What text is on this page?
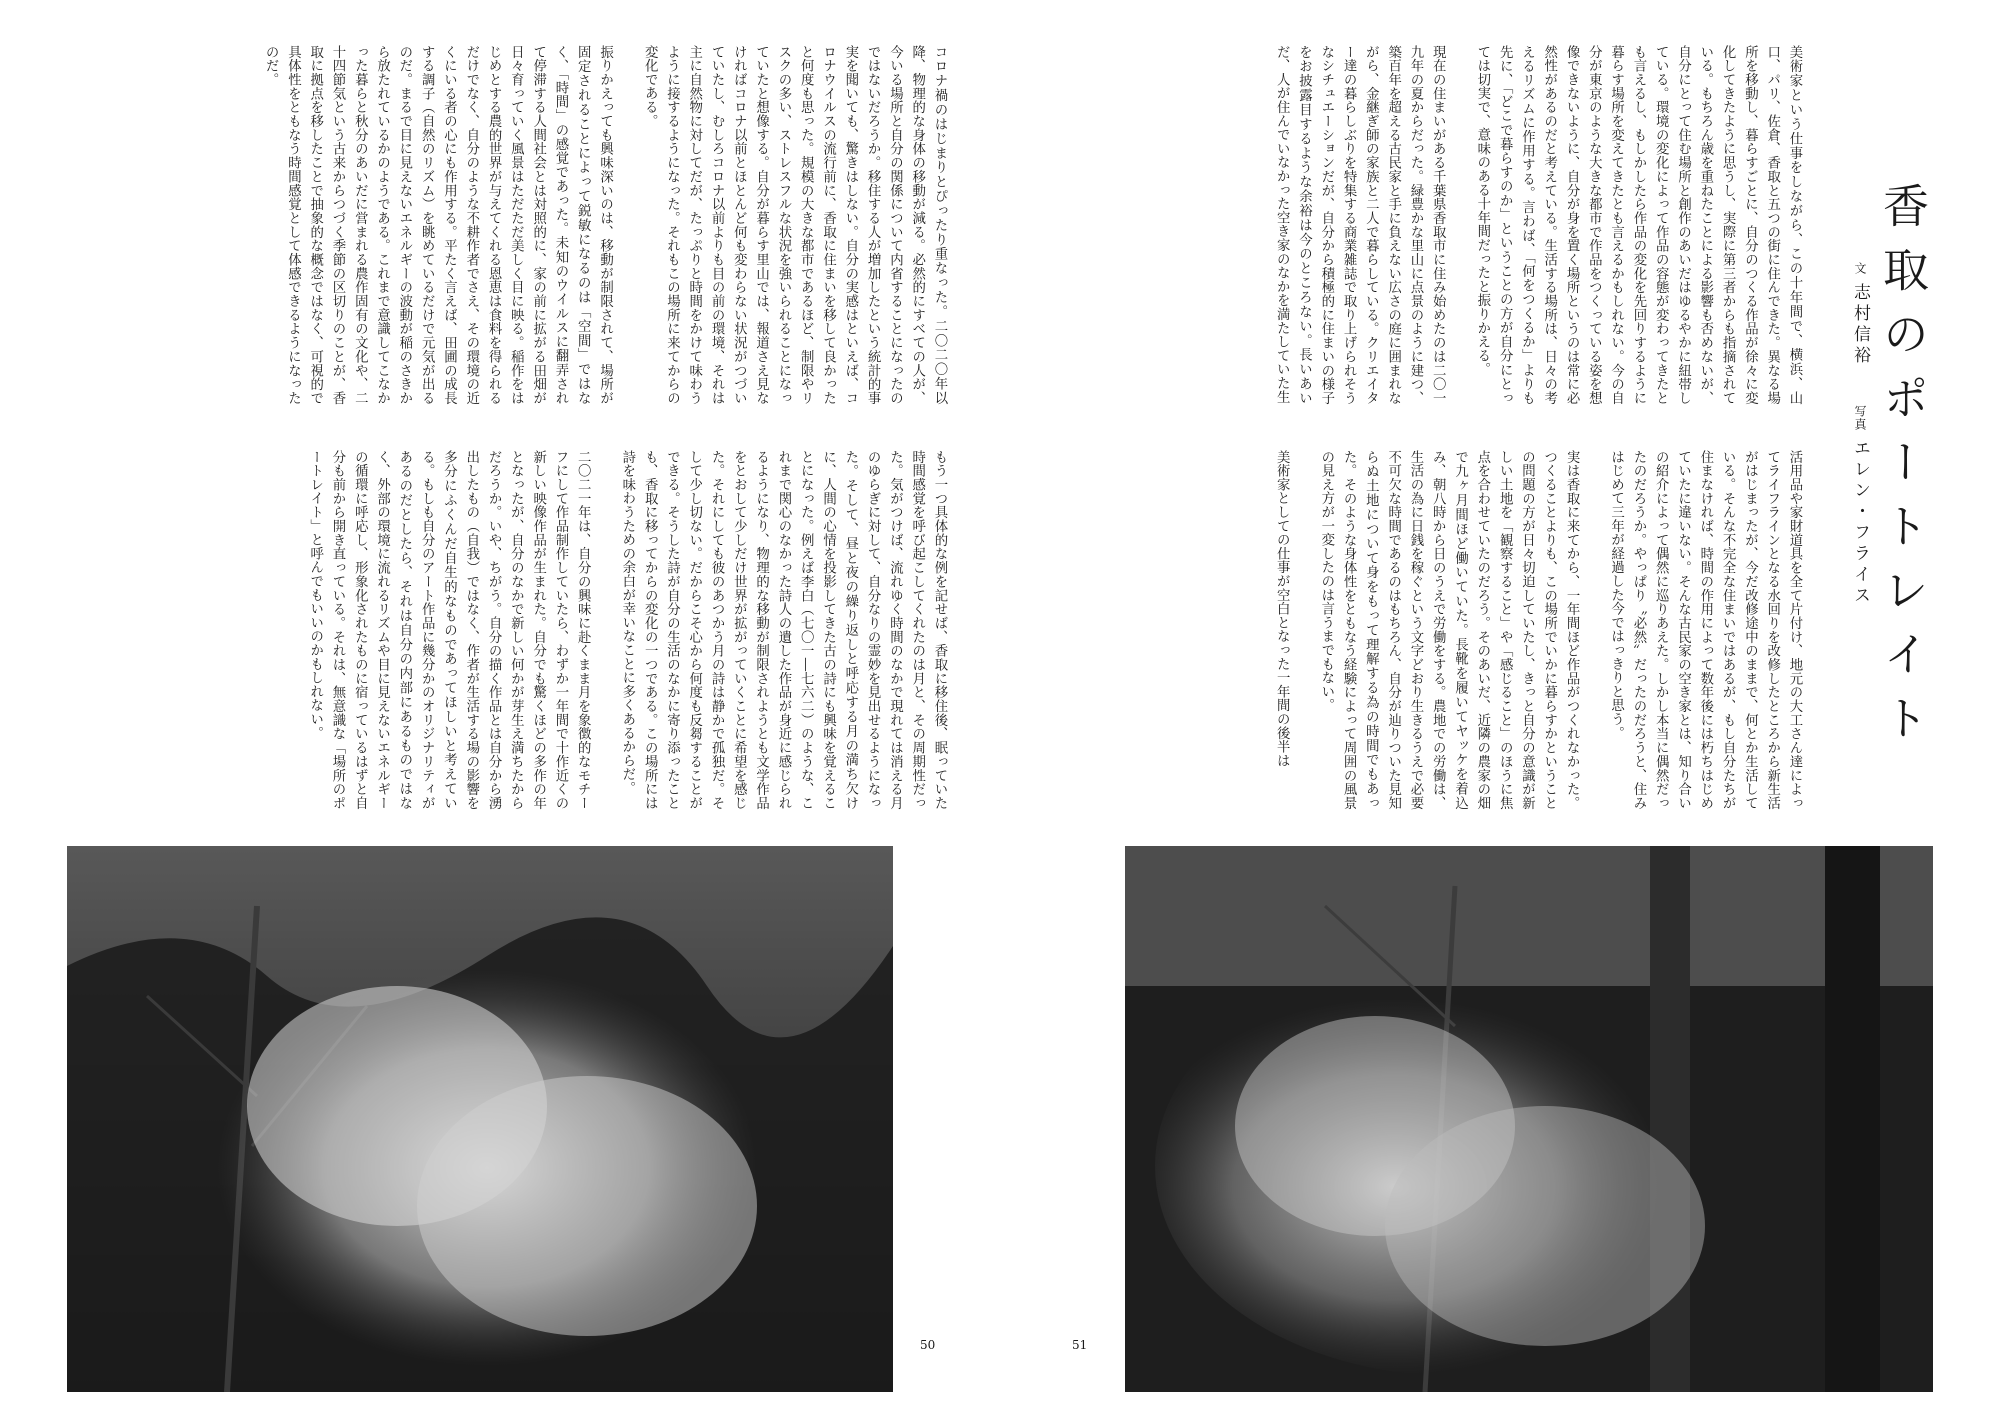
コロナ禍のはじまりとぴったり重なった。二〇二〇年以降、物理的な身体の移動が減る。必然的にすべての人が、今いる場所と自分の関係について内省することになったのではないだろうか。移住する人が増加したという統計的事実を聞いても、驚きはしない。自分の実感はといえば、コロナウイルスの流行前に、香取に住まいを移して良かったと何度も思った。規模の大きな都市であるほど、制限やリスクの多い、ストレスフルな状況を強いられることになっていたと想像する。自分が暮らす里山では、報道さえ見なければコロナ以前とほとんど何も変わらない状況がつづいていたし、むしろコロナ以前よりも目の前の環境、それは主に自然物に対してだが、たっぷりと時間をかけて味わうように接するようになった。それもこの場所に来てからの変化である。

振りかえっても興味深いのは、移動が制限されて、場所が固定されることによって鋭敏になるのは「空間」ではなく、「時間」の感覚であった。未知のウイルスに翻弄されて停滞する人間社会とは対照的に、家の前に拡がる田畑が日々育っていく風景はただただ美しく目に映る。稲作をはじめとする農的世界が与えてくれる恩恵は食料を得られるだけでなく、自分のような不耕作者でさえ、その環境の近くにいる者の心にも作用する。平たく言えば、田圃の成長する調子（自然のリズム）を眺めているだけで元気が出るのだ。まるで目に見えないエネルギーの波動が稲のさきから放たれているかのようである。これまで意識してこなかった暮らと秋分のあいだに営まれる農作固有の文化や、二十四節気という古来からつづく季節の区切りのことが、香取に拠点を移したことで抽象的な概念ではなく、可視的で具体性をともなう時間感覚として体感できるようになったのだ。
もう一つ具体的な例を記せば、香取に移住後、眠っていた時間感覚を呼び起こしてくれたのは月と、その周期性だった。気がつけば、流れゆく時間のなかで現れては消える月のゆらぎに対して、自分なりの霊妙を見出せるようになった。そして、昼と夜の繰り返しと呼応する月の満ち欠けに、人間の心情を投影してきた古の詩にも興味を覚えることになった。例えば李白（七〇一―七六二）のような、これまで関心のなかった詩人の遺した作品が身近に感じられるようになり、物理的な移動が制限されようとも文学作品をとおして少しだけ世界が拡がっていくことに希望を感じた。それにしても彼のあつかう月の詩は静かで孤独だ。そして少し切ない。だからこそ心から何度も反芻することができる。そうした詩が自分の生活のなかに寄り添ったことも、香取に移ってからの変化の一つである。この場所には詩を味わうための余白が幸いなことに多くあるからだ。

二〇二一年は、自分の興味に赴くまま月を象徴的なモチーフにして作品制作していたら、わずか一年間で十作近くの新しい映像作品が生まれた。自分でも驚くほどの多作の年となったが、自分のなかで新しい何かが芽生え満ちたからだろうか。いや、ちがう。自分の描く作品とは自分から湧出したもの（自我）ではなく、作者が生活する場の影響を多分にふくんだ自生的なものであってほしいと考えている。もしも自分のアート作品に幾分かのオリジナリティがあるのだとしたら、それは自分の内部にあるものではなく、外部の環境に流れるリズムや目に見えないエネルギーの循環に呼応し、形象化されたものに宿っているはずと自分も前から開き直っている。それは、無意識な「場所のポートレイト」と呼んでもいいのかもしれない。
50
香取のポートレイト
文志村信裕
写真エレン・フライス
美術家という仕事をしながら、この十年間で、横浜、山口、パリ、佐倉、香取と五つの街に住んできた。異なる場所を移動し、暮らすごとに、自分のつくる作品が徐々に変化してきたように思うし、実際に第三者からも指摘されている。もちろん歳を重ねたことによる影響も否めないが、自分にとって住む場所と創作のあいだはゆるやかに紐帯している。環境の変化によって作品の容態が変わってきたとも言えるし、もしかしたら作品の変化を先回りするように暮らす場所を変えてきたとも言えるかもしれない。今の自分が東京のような大きな都市で作品をつくっている姿を想像できないように、自分が身を置く場所というのは常に必然性があるのだと考えている。生活する場所は、日々の考えるリズムに作用する。言わば、「何をつくるか」よりも先に、「どこで暮らすのか」ということの方が自分にとっては切実で、意味のある十年間だったと振りかえる。

現在の住まいがある千葉県香取市に住み始めたのは二〇一九年の夏からだった。緑豊かな里山に点景のように建つ、築百年を超える古民家と手に負えない広さの庭に囲まれながら、金継ぎ師の家族と二人で暮らしている。クリエイター達の暮らしぶりを特集する商業雑誌で取り上げられそうなシチュエーションだが、自分から積極的に住まいの様子をお披露目するような余裕は今のところない。長いあいだ、人が住んでいなかった空き家のなかを満たしていた生
活用品や家財道具を全て片付け、地元の大工さん達によってライフラインとなる水回りを改修したところから新生活がはじまったが、今だ改修途中のままで、何とか生活している。そんな不完全な住まいではあるが、もし自分たちが住まなければ、時間の作用によって数年後には朽ちはじめていたに違いない。そんな古民家の空き家とは、知り合いの紹介によって偶然に巡りあえた。しかし本当に偶然だったのだろうか。やっぱり〝必然〟だったのだろうと、住みはじめて三年が経過した今ではっきりと思う。

実は香取に来てから、一年間ほど作品がつくれなかった。つくることよりも、この場所でいかに暮らすかということの問題の方が日々切迫していたし、きっと自分の意識が新しい土地を「観察すること」や「感じること」のほうに焦点を合わせていたのだろう。そのあいだ、近隣の農家の畑で九ヶ月間ほど働いていた。長靴を履いてヤッケを着込み、朝八時から日のうえで労働をする。農地での労働は、生活の為に日銭を稼ぐという文字どおり生きるうえで必要不可欠な時間であるのはもちろん、自分が辿りついた見知らぬ土地について身をもって理解する為の時間でもあった。そのような身体性をともなう経験によって周囲の風景の見え方が一変したのは言うまでもない。

美術家としての仕事が空白となった一年間の後半は
51
